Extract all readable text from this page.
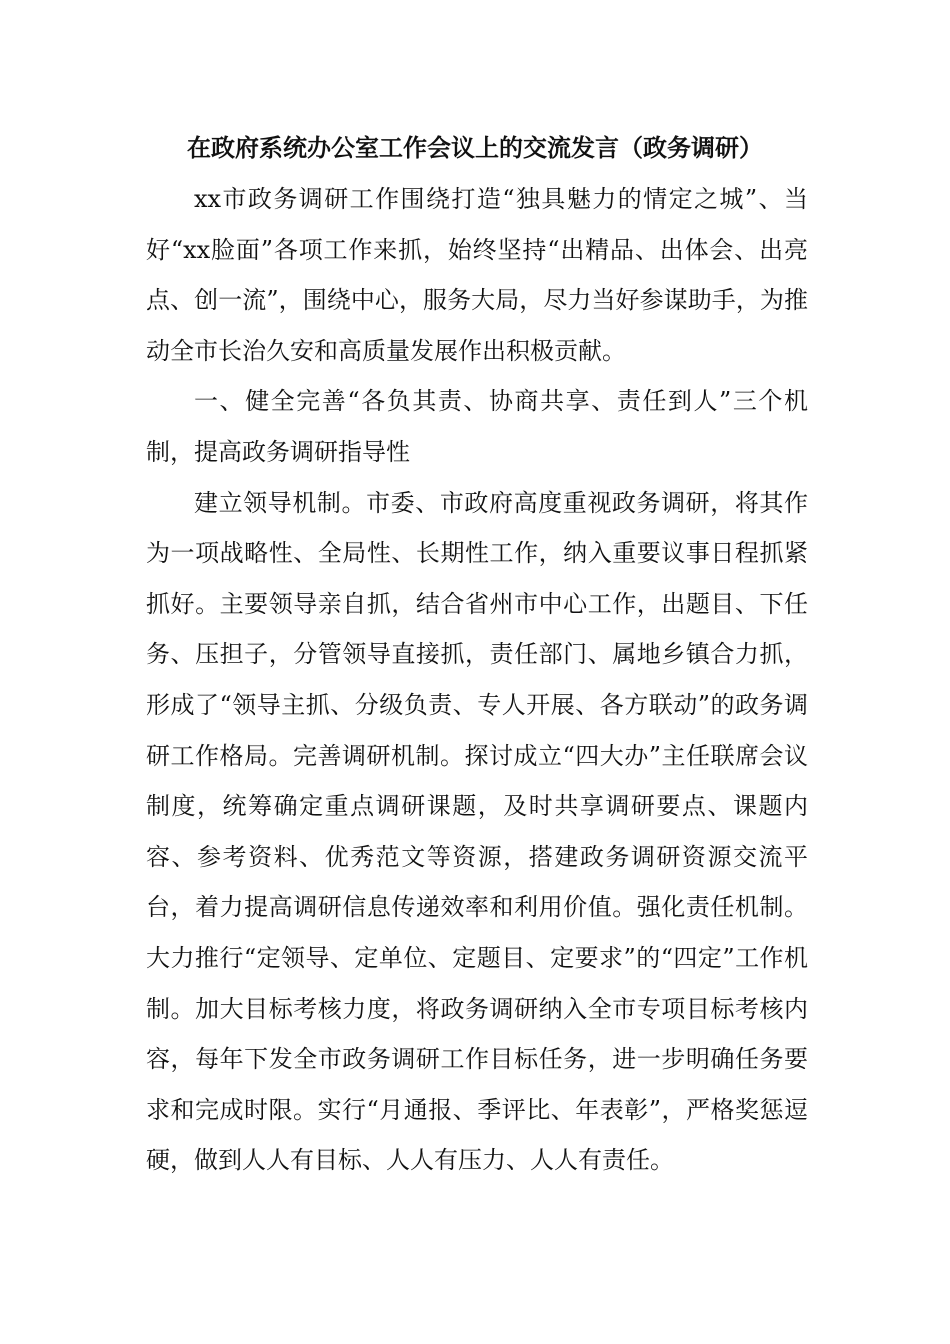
在政府系统办公室工作会议上的交流发言（政务调研）

xx市政务调研工作围绕打造“独具魅力的情定之城”、当好“xx脸面”各项工作来抓，始终坚持“出精品、出体会、出亮点、创一流”，围绕中心，服务大局，尽力当好参谋助手，为推动全市长治久安和高质量发展作出积极贡献。

一、健全完善“各负其责、协商共享、责任到人”三个机制，提高政务调研指导性

建立领导机制。市委、市政府高度重视政务调研，将其作为一项战略性、全局性、长期性工作，纳入重要议事日程抓紧抓好。主要领导亲自抓，结合省州市中心工作，出题目、下任务、压担子，分管领导直接抓，责任部门、属地乡镇合力抓，形成了“领导主抓、分级负责、专人开展、各方联动”的政务调研工作格局。完善调研机制。探讨成立“四大办”主任联席会议制度，统筹确定重点调研课题，及时共享调研要点、课题内容、参考资料、优秀范文等资源，搭建政务调研资源交流平台，着力提高调研信息传递效率和利用价值。强化责任机制。大力推行“定领导、定单位、定题目、定要求”的“四定”工作机制。加大目标考核力度，将政务调研纳入全市专项目标考核内容，每年下发全市政务调研工作目标任务，进一步明确任务要求和完成时限。实行“月通报、季评比、年表彰”，严格奖惩逗硬，做到人人有目标、人人有压力、人人有责任。
